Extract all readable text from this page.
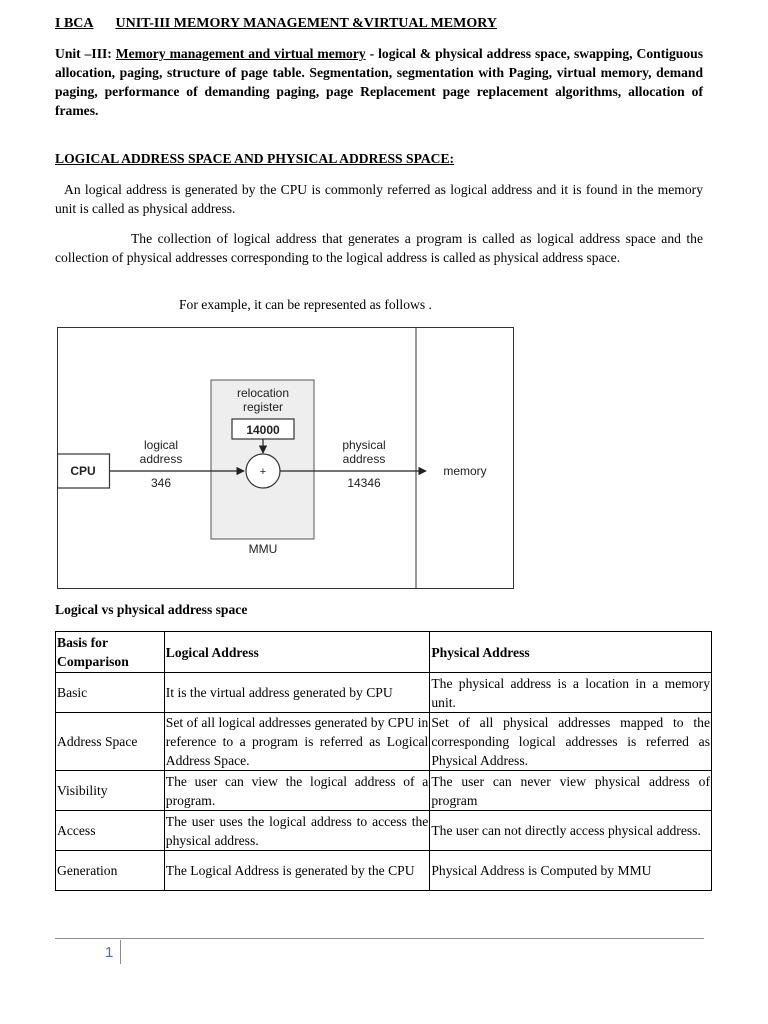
I BCA UNIT-III MEMORY MANAGEMENT &VIRTUAL MEMORY
Unit –III: Memory management and virtual memory - logical & physical address space, swapping, Contiguous allocation, paging, structure of page table. Segmentation, segmentation with Paging, virtual memory, demand paging, performance of demanding paging, page Replacement page replacement algorithms, allocation of frames.
LOGICAL ADDRESS SPACE AND PHYSICAL ADDRESS SPACE:
An logical address is generated by the CPU is commonly referred as logical address and it is found in the memory unit is called as physical address.
The collection of logical address that generates a program is called as logical address space and the collection of physical addresses corresponding to the logical address is called as physical address space.
For example, it can be represented as follows .
relocation
register
14000
+
MMU
CPU
logical
address
346
physical
address
14346
memory
Logical vs physical address space
Basis for Comparison	Logical Address	Physical Address
Basic	It is the virtual address generated by CPU	The physical address is a location in a memory unit.
Address Space	Set of all logical addresses generated by CPU in reference to a program is referred as Logical Address Space.	Set of all physical addresses mapped to the corresponding logical addresses is referred as Physical Address.
Visibility	The user can view the logical address of a program.	The user can never view physical address of program
Access	The user uses the logical address to access the physical address.	The user can not directly access physical address.
Generation	The Logical Address is generated by the CPU	Physical Address is Computed by MMU
1
